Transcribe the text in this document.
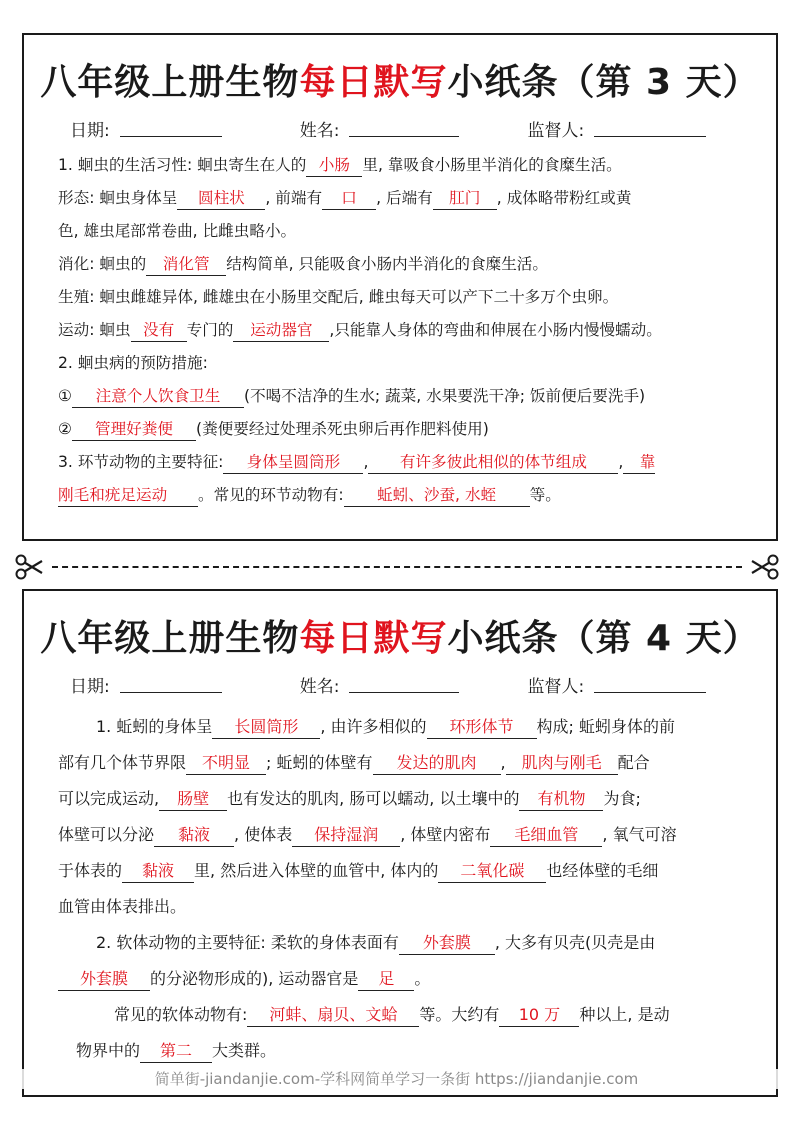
八年级上册生物每日默写小纸条（第 3 天）
日期:	姓名:	监督人:
1. 蛔虫的生活习性: 蛔虫寄生在人的 小肠 里, 靠吸食小肠里半消化的食糜生活。
形态: 蛔虫身体呈 圆柱状 , 前端有 口 , 后端有 肛门 , 成体略带粉红或黄
色, 雄虫尾部常卷曲, 比雌虫略小。
消化: 蛔虫的 消化管 结构简单, 只能吸食小肠内半消化的食糜生活。
生殖: 蛔虫雌雄异体, 雌雄虫在小肠里交配后, 雌虫每天可以产下二十多万个虫卵。
运动: 蛔虫 没有 专门的 运动器官 ,只能靠人身体的弯曲和伸展在小肠内慢慢蠕动。
2. 蛔虫病的预防措施:
① 注意个人饮食卫生 (不喝不洁净的生水; 蔬菜, 水果要洗干净; 饭前便后要洗手)
② 管理好粪便 (粪便要经过处理杀死虫卵后再作肥料使用)
3. 环节动物的主要特征: 身体呈圆筒形 , 有许多彼此相似的体节组成 , 靠
刚毛和疣足运动 。常见的环节动物有: 蚯蚓、沙蚕, 水蛭 等。
八年级上册生物每日默写小纸条（第 4 天）
日期:	姓名:	监督人:
1. 蚯蚓的身体呈 长圆筒形 , 由许多相似的 环形体节 构成; 蚯蚓身体的前
部有几个体节界限 不明显 ; 蚯蚓的体壁有 发达的肌肉 , 肌肉与刚毛 配合
可以完成运动, 肠壁 也有发达的肌肉, 肠可以蠕动, 以土壤中的 有机物 为食;
体壁可以分泌 黏液 , 使体表 保持湿润 , 体壁内密布 毛细血管 , 氧气可溶
于体表的 黏液 里, 然后进入体壁的血管中, 体内的 二氧化碳 也经体壁的毛细
血管由体表排出。
2. 软体动物的主要特征: 柔软的身体表面有 外套膜 , 大多有贝壳(贝壳是由
外套膜 的分泌物形成的), 运动器官是 足 。
常见的软体动物有: 河蚌、扇贝、文蛤 等。大约有 10 万 种以上, 是动
物界中的 第二 大类群。
简单街-jiandanjie.com-学科网简单学习一条街 https://jiandanjie.com
